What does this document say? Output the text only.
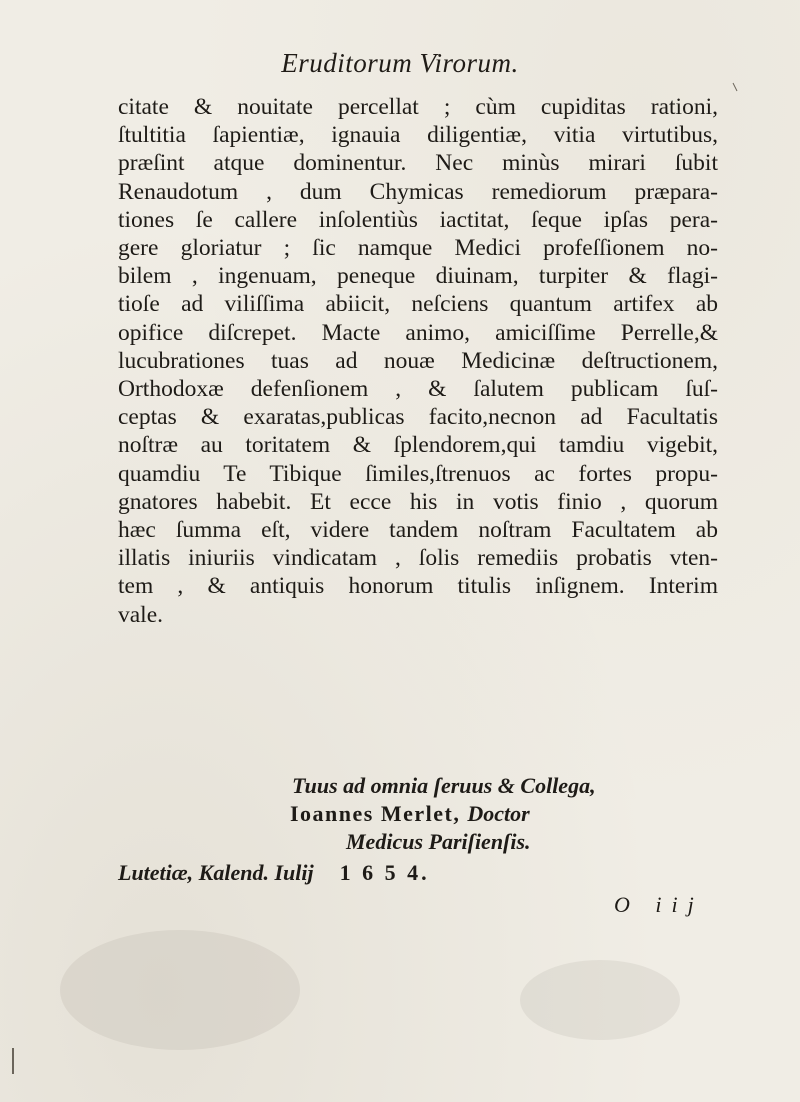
Eruditorum Virorum.
citate & nouitate percellat ; cùm cupiditas rationi,
ſtultitia ſapientiæ, ignauia diligentiæ, vitia virtutibus,
præſint atque dominentur. Nec minùs mirari ſubit
Renaudotum , dum Chymicas remediorum præpara-
tiones ſe callere inſolentiùs iactitat, ſeque ipſas pera-
gere gloriatur ; ſic namque Medici profeſſionem no-
bilem , ingenuam, peneque diuinam, turpiter & flagi-
tioſe ad viliſſima abiicit, neſciens quantum artifex ab
opifice diſcrepet. Macte animo, amiciſſime Perrelle,&
lucubrationes tuas ad nouæ Medicinæ deſtructionem,
Orthodoxæ defenſionem , & ſalutem publicam ſuſ-
ceptas & exaratas,publicas facito,necnon ad Facultatis
noſtræ au toritatem & ſplendorem,qui tamdiu vigebit,
quamdiu Te Tibique ſimiles,ſtrenuos ac fortes propu-
gnatores habebit. Et ecce his in votis finio , quorum
hæc ſumma eſt, videre tandem noſtram Facultatem ab
illatis iniuriis vindicatam , ſolis remediis probatis vten-
tem , & antiquis honorum titulis inſignem. Interim
vale.
Tuus ad omnia ſeruus & Collega,
Ioannes Merlet, Doctor
Medicus Pariſienſis.
Lutetiæ, Kalend. Iulij 1 6 5 4.
O iij
